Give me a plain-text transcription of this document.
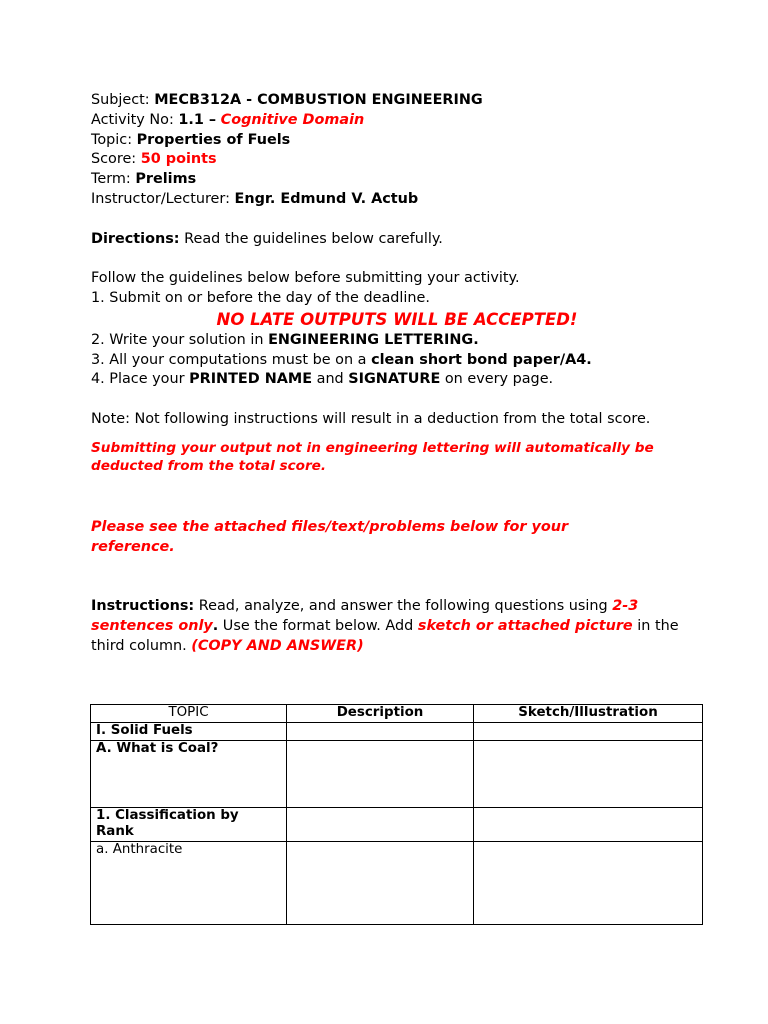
Subject: MECB312A - COMBUSTION ENGINEERING
Activity No: 1.1 – Cognitive Domain
Topic: Properties of Fuels
Score: 50 points
Term: Prelims
Instructor/Lecturer: Engr. Edmund V. Actub
Directions: Read the guidelines below carefully.
Follow the guidelines below before submitting your activity.
1. Submit on or before the day of the deadline.
NO LATE OUTPUTS WILL BE ACCEPTED!
2. Write your solution in ENGINEERING LETTERING.
3. All your computations must be on a clean short bond paper/A4.
4. Place your PRINTED NAME and SIGNATURE on every page.
Note: Not following instructions will result in a deduction from the total score.
Submitting your output not in engineering lettering will automatically be deducted from the total score.
Please see the attached files/text/problems below for your reference.
Instructions: Read, analyze, and answer the following questions using 2-3 sentences only. Use the format below. Add sketch or attached picture in the third column. (COPY AND ANSWER)
TOPIC	Description	Sketch/Illustration
I. Solid Fuels		
A. What is Coal?		
1. Classification by Rank		
a. Anthracite		
